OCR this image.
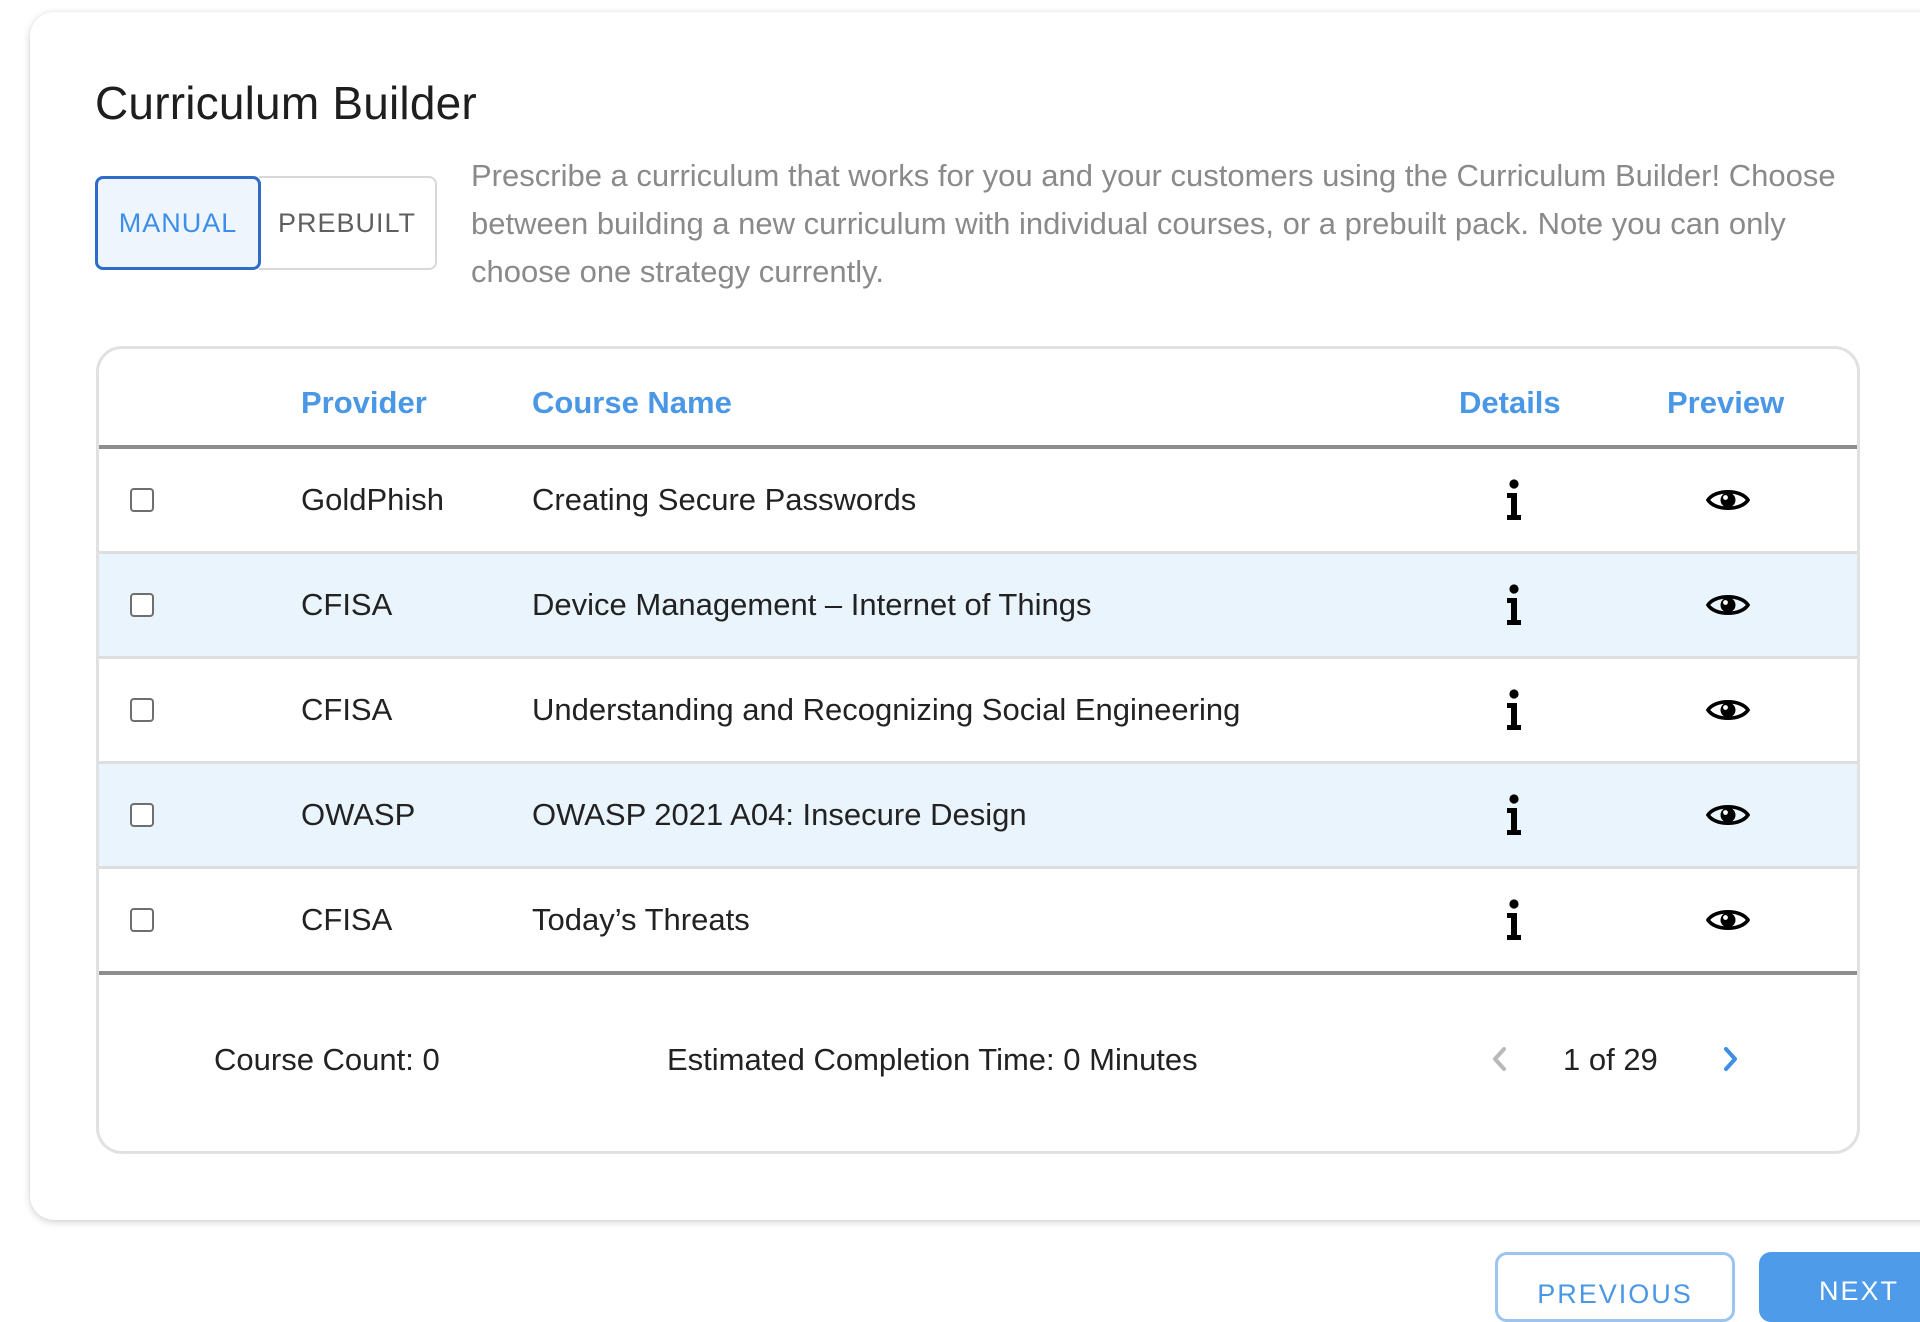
Curriculum Builder
MANUAL	PREBUILT

Prescribe a curriculum that works for you and your customers using the Curriculum Builder! Choose between building a new curriculum with individual courses, or a prebuilt pack. Note you can only choose one strategy currently.

Provider	Course Name	Details	Preview
GoldPhish	Creating Secure Passwords
CFISA	Device Management – Internet of Things
CFISA	Understanding and Recognizing Social Engineering
OWASP	OWASP 2021 A04: Insecure Design
CFISA	Today’s Threats
Course Count: 0	Estimated Completion Time: 0 Minutes	1 of 29
PREVIOUS	NEXT
